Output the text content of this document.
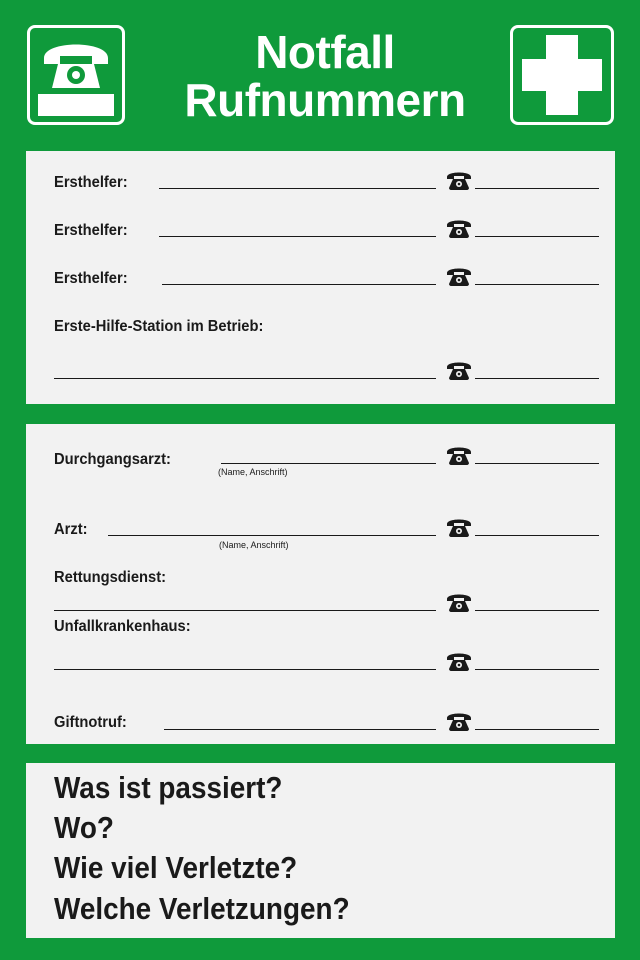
Notfall
Rufnummern
Ersthelfer:
Ersthelfer:
Ersthelfer:
Erste-Hilfe-Station im Betrieb:
Durchgangsarzt:
(Name, Anschrift)
Arzt:
(Name, Anschrift)
Rettungsdienst:
Unfallkrankenhaus:
Giftnotruf:
Was ist passiert?
Wo?
Wie viel Verletzte?
Welche Verletzungen?
